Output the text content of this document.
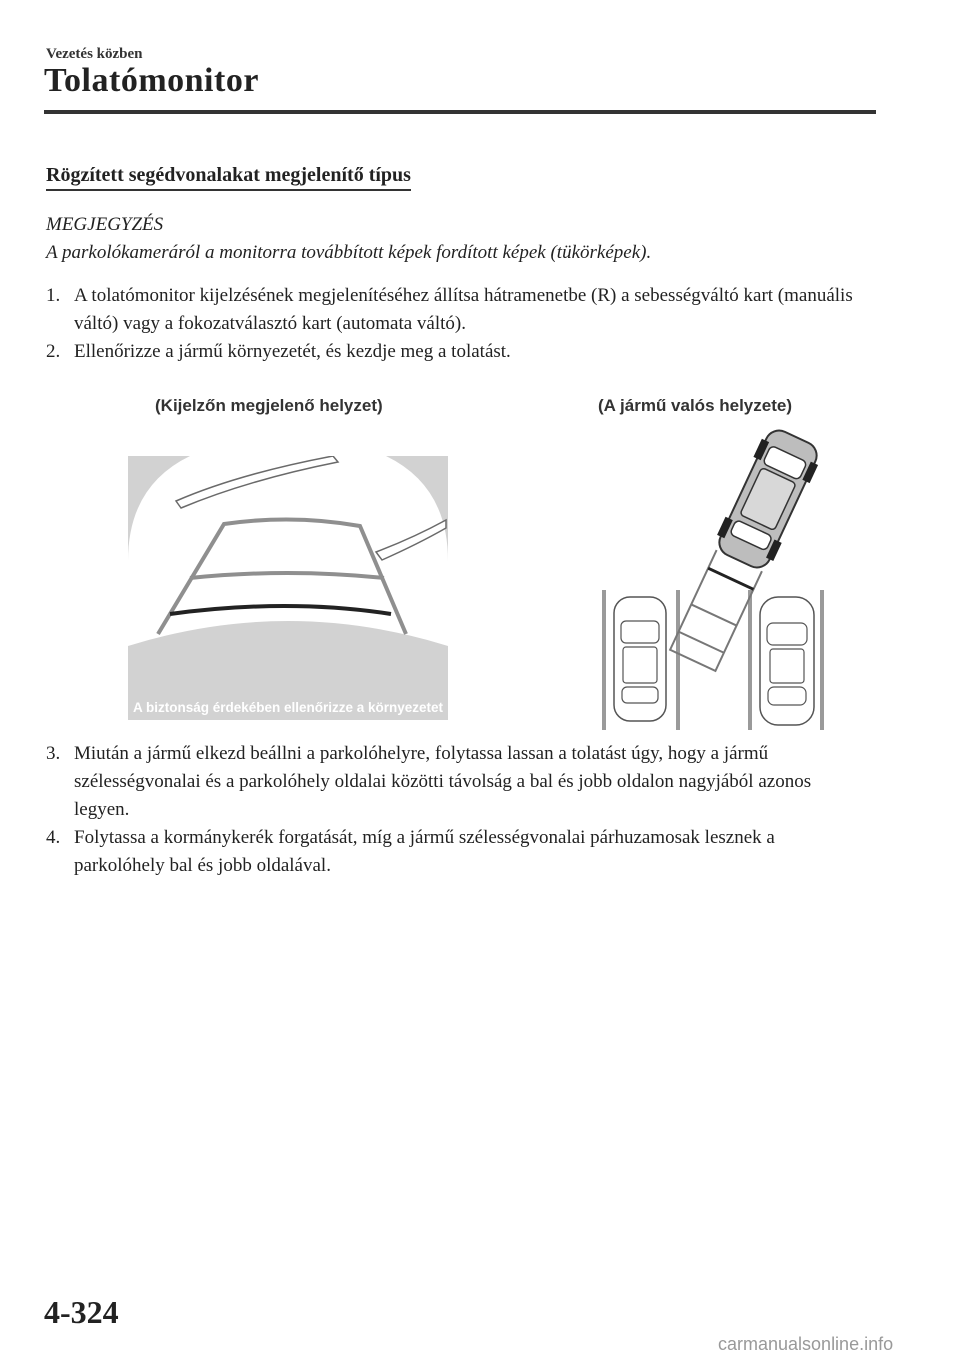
Vezetés közben
Tolatómonitor
Rögzített segédvonalakat megjelenítő típus
MEGJEGYZÉS
A parkolókameráról a monitorra továbbított képek fordított képek (tükörképek).
1. A tolatómonitor kijelzésének megjelenítéséhez állítsa hátramenetbe (R) a sebességváltó kart (manuális váltó) vagy a fokozatválasztó kart (automata váltó).
2. Ellenőrizze a jármű környezetét, és kezdje meg a tolatást.
(Kijelzőn megjelenő helyzet)	(A jármű valós helyzete)
A biztonság érdekében ellenőrizze a környezetet
3. Miután a jármű elkezd beállni a parkolóhelyre, folytassa lassan a tolatást úgy, hogy a jármű szélességvonalai és a parkolóhely oldalai közötti távolság a bal és jobb oldalon nagyjából azonos legyen.
4. Folytassa a kormánykerék forgatását, míg a jármű szélességvonalai párhuzamosak lesznek a parkolóhely bal és jobb oldalával.
4-324
carmanualsonline.info
